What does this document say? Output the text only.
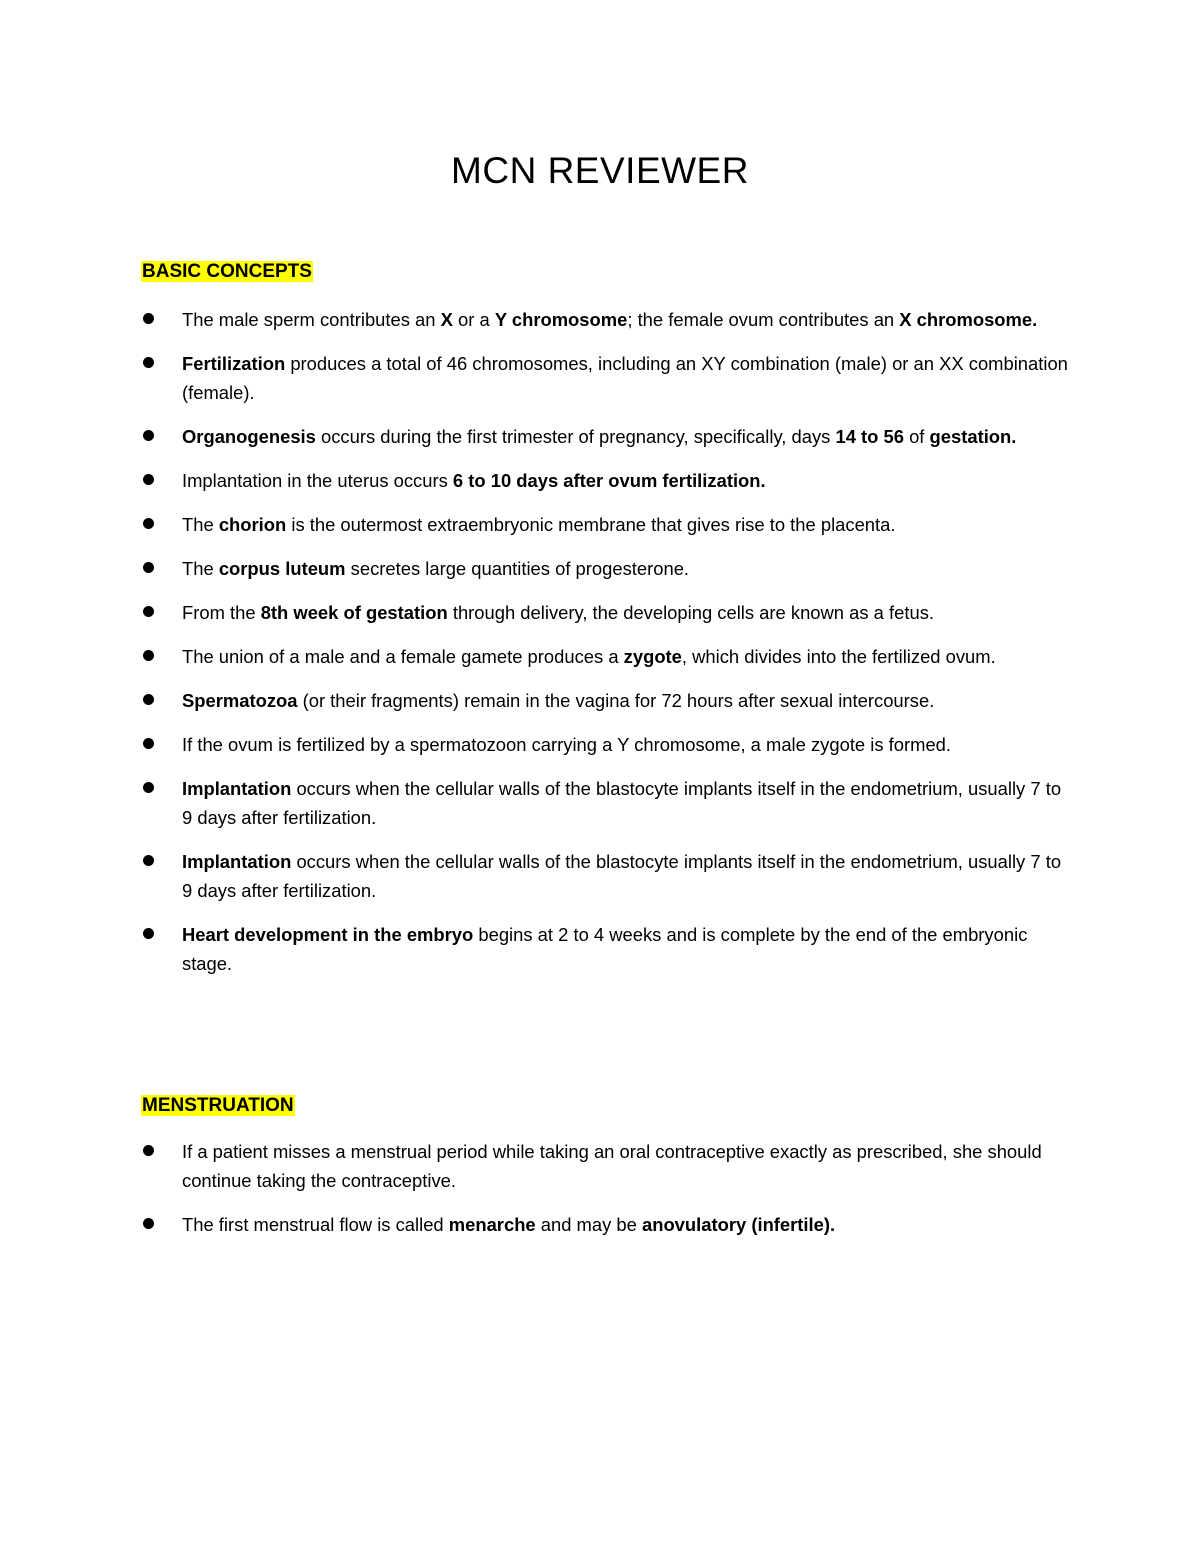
MCN REVIEWER
BASIC CONCEPTS
The male sperm contributes an X or a Y chromosome; the female ovum contributes an X chromosome.
Fertilization produces a total of 46 chromosomes, including an XY combination (male) or an XX combination (female).
Organogenesis occurs during the first trimester of pregnancy, specifically, days 14 to 56 of gestation.
Implantation in the uterus occurs 6 to 10 days after ovum fertilization.
The chorion is the outermost extraembryonic membrane that gives rise to the placenta.
The corpus luteum secretes large quantities of progesterone.
From the 8th week of gestation through delivery, the developing cells are known as a fetus.
The union of a male and a female gamete produces a zygote, which divides into the fertilized ovum.
Spermatozoa (or their fragments) remain in the vagina for 72 hours after sexual intercourse.
If the ovum is fertilized by a spermatozoon carrying a Y chromosome, a male zygote is formed.
Implantation occurs when the cellular walls of the blastocyte implants itself in the endometrium, usually 7 to 9 days after fertilization.
Implantation occurs when the cellular walls of the blastocyte implants itself in the endometrium, usually 7 to 9 days after fertilization.
Heart development in the embryo begins at 2 to 4 weeks and is complete by the end of the embryonic stage.
MENSTRUATION
If a patient misses a menstrual period while taking an oral contraceptive exactly as prescribed, she should continue taking the contraceptive.
The first menstrual flow is called menarche and may be anovulatory (infertile).
